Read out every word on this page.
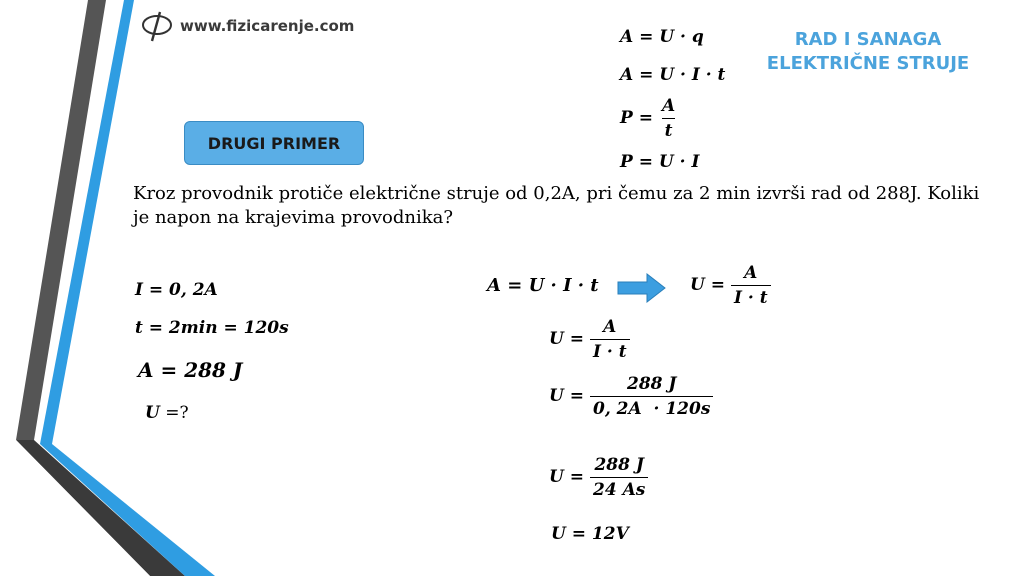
www.fizicarenje.com
RAD I SANAGA
ELEKTRIČNE STRUJE
DRUGI PRIMER
A = U · q
A = U · I · t
$P = \frac{A}{t}$
P = U · I
Kroz provodnik protiče električne struje od 0,2A, pri čemu za 2 min izvrši rad od 288J. Koliki je napon na krajevima provodnika?
I = 0, 2A
t = 2min = 120s
A = 288 J
U =?
A = U · I · t	$U = \frac{A}{I \cdot t}$
$U = \frac{A}{I \cdot t}$
$U = \frac{288 J}{0, 2A \cdot 120s}$
$U = \frac{288 J}{24 As}$
U = 12V
